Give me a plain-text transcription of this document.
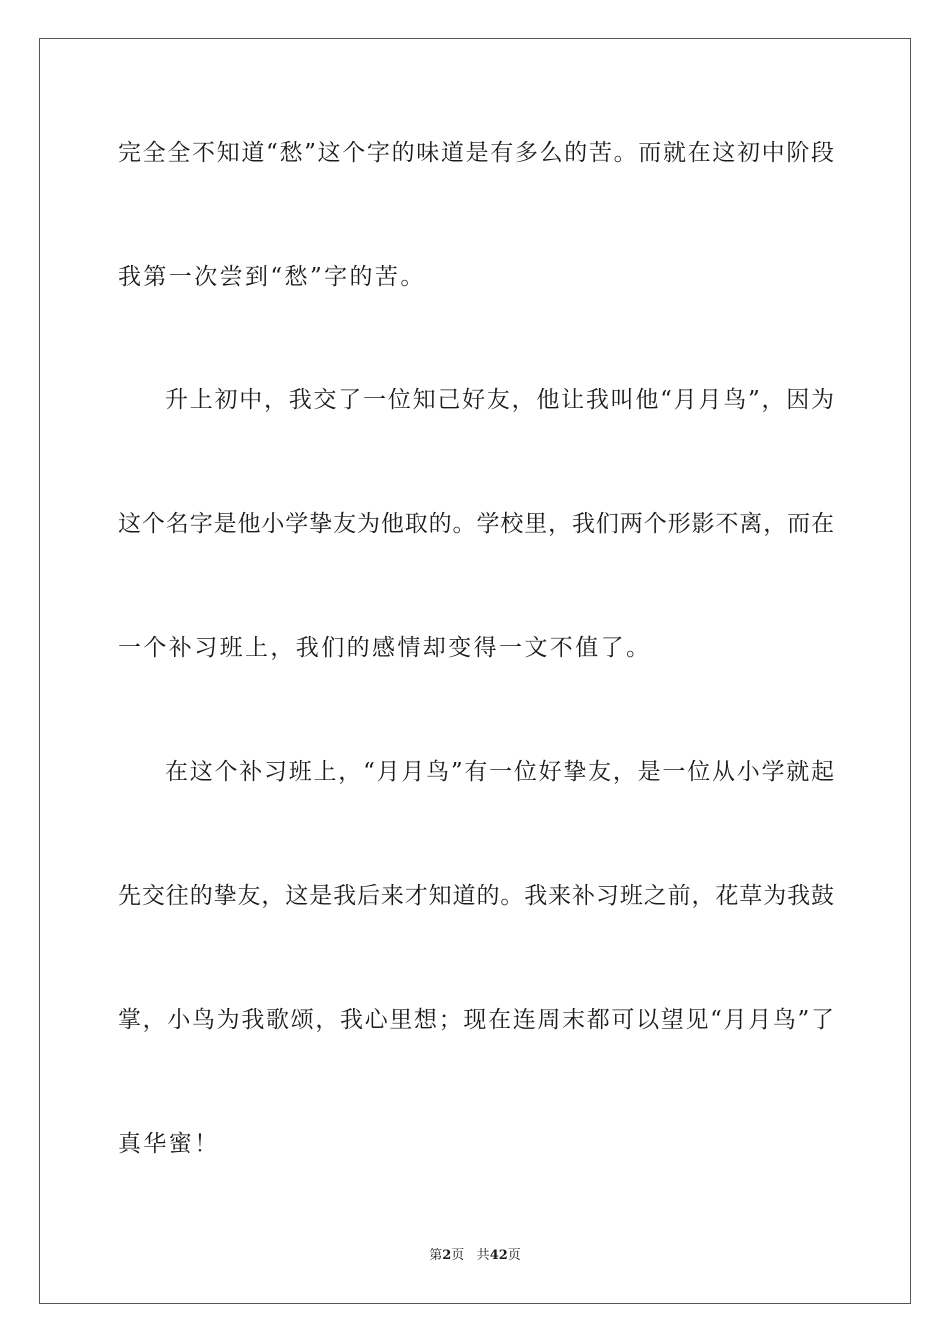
完全全不知道“愁”这个字的味道是有多么的苦。而就在这初中阶段
我第一次尝到“愁”字的苦。
升上初中，我交了一位知己好友，他让我叫他“月月鸟”，因为
这个名字是他小学挚友为他取的。学校里，我们两个形影不离，而在
一个补习班上，我们的感情却变得一文不值了。
在这个补习班上，“月月鸟”有一位好挚友，是一位从小学就起
先交往的挚友，这是我后来才知道的。我来补习班之前，花草为我鼓
掌，小鸟为我歌颂，我心里想；现在连周末都可以望见“月月鸟”了
真华蜜！
第2页 共42页
